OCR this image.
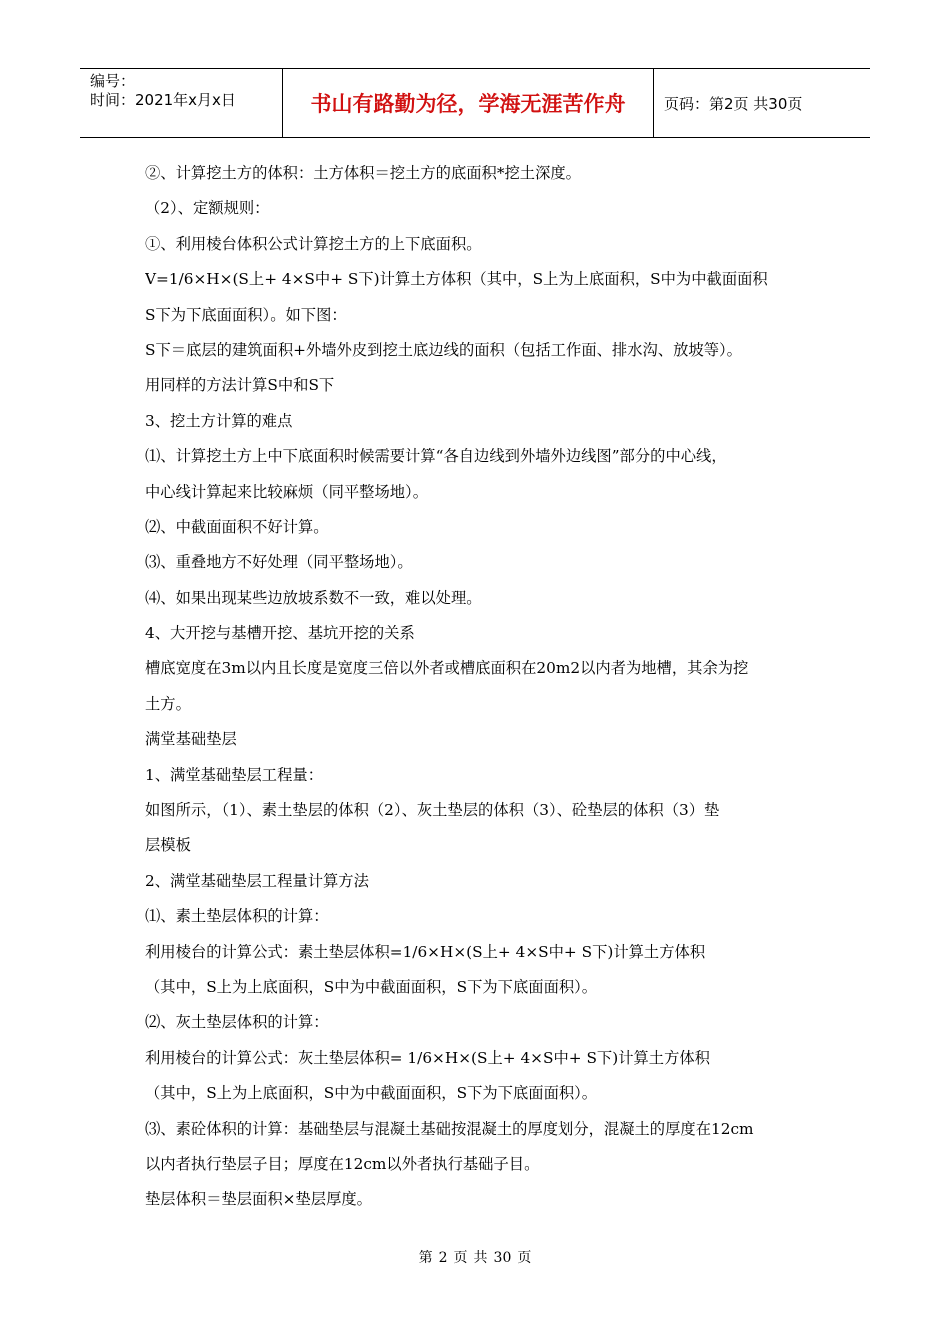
编号：
时间：2021年x月x日	书山有路勤为径，学海无涯苦作舟	页码：第2页 共30页
②、计算挖土方的体积：土方体积＝挖土方的底面积*挖土深度。
（2）、定额规则：
①、利用棱台体积公式计算挖土方的上下底面积。
V=1/6×H×(S上+ 4×S中+ S下)计算土方体积（其中，S上为上底面积，S中为中截面面积
S下为下底面面积）。如下图：
S下＝底层的建筑面积+外墙外皮到挖土底边线的面积（包括工作面、排水沟、放坡等）。
用同样的方法计算S中和S下
3、挖土方计算的难点
⑴、计算挖土方上中下底面积时候需要计算“各自边线到外墙外边线图”部分的中心线，
中心线计算起来比较麻烦（同平整场地）。
⑵、中截面面积不好计算。
⑶、重叠地方不好处理（同平整场地）。
⑷、如果出现某些边放坡系数不一致，难以处理。
4、大开挖与基槽开挖、基坑开挖的关系
槽底宽度在3m以内且长度是宽度三倍以外者或槽底面积在20m2以内者为地槽，其余为挖
土方。
满堂基础垫层
1、满堂基础垫层工程量：
如图所示，（1）、素土垫层的体积（2）、灰土垫层的体积（3）、砼垫层的体积（3）垫
层模板
2、满堂基础垫层工程量计算方法
⑴、素土垫层体积的计算：
利用棱台的计算公式：素土垫层体积=1/6×H×(S上+ 4×S中+ S下)计算土方体积
（其中，S上为上底面积，S中为中截面面积，S下为下底面面积）。
⑵、灰土垫层体积的计算：
利用棱台的计算公式：灰土垫层体积= 1/6×H×(S上+ 4×S中+ S下)计算土方体积
（其中，S上为上底面积，S中为中截面面积，S下为下底面面积）。
⑶、素砼体积的计算：基础垫层与混凝土基础按混凝土的厚度划分，混凝土的厚度在12cm
以内者执行垫层子目；厚度在12cm以外者执行基础子目。
垫层体积＝垫层面积×垫层厚度。
第 2 页 共 30 页
